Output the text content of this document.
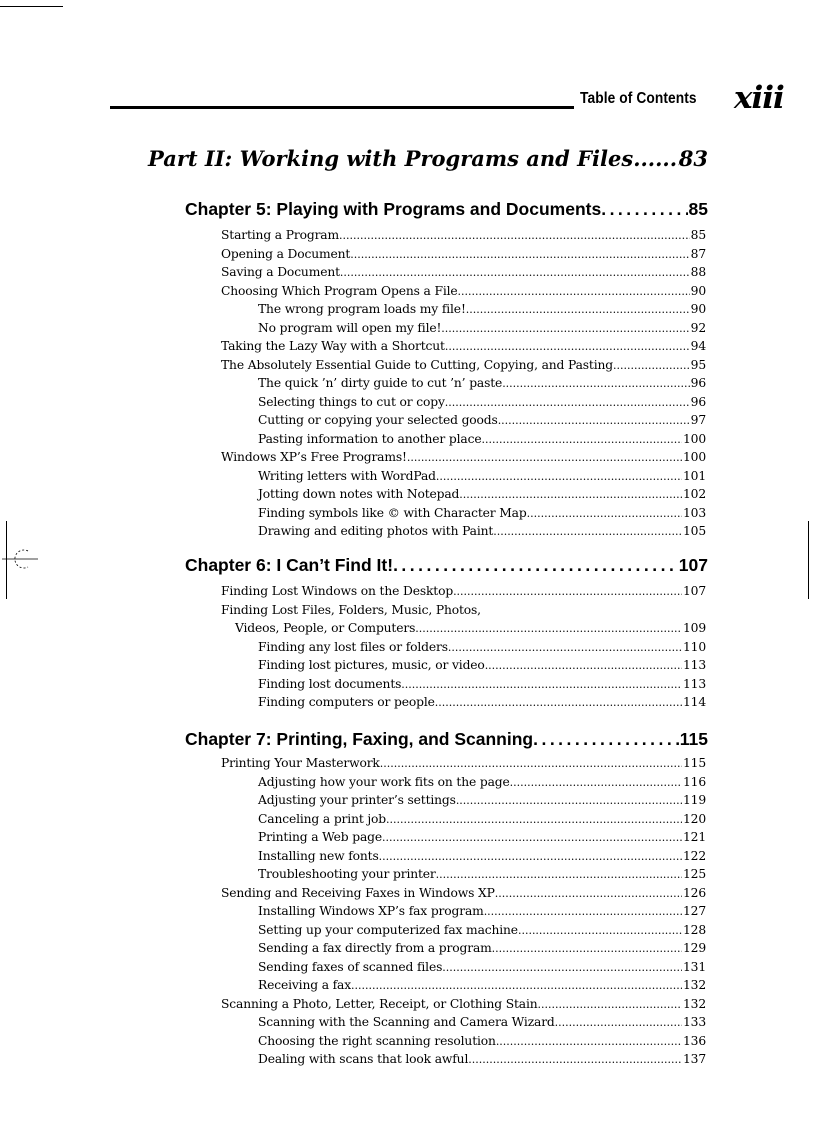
Table of Contents xiii
Part II: Working with Programs and Files ..... 83
Chapter 5: Playing with Programs and Documents .....	85
Starting a Program .....	85
Opening a Document .....	87
Saving a Document .....	88
Choosing Which Program Opens a File .....	90
The wrong program loads my file! .....	90
No program will open my file! .....	92
Taking the Lazy Way with a Shortcut .....	94
The Absolutely Essential Guide to Cutting, Copying, and Pasting .....	95
The quick ’n’ dirty guide to cut ’n’ paste .....	96
Selecting things to cut or copy .....	96
Cutting or copying your selected goods .....	97
Pasting information to another place .....	100
Windows XP’s Free Programs! .....	100
Writing letters with WordPad .....	101
Jotting down notes with Notepad .....	102
Finding symbols like © with Character Map .....	103
Drawing and editing photos with Paint .....	105
Chapter 6: I Can’t Find It! .....	107
Finding Lost Windows on the Desktop .....	107
Finding Lost Files, Folders, Music, Photos,
Videos, People, or Computers .....	109
Finding any lost files or folders .....	110
Finding lost pictures, music, or video .....	113
Finding lost documents .....	113
Finding computers or people .....	114
Chapter 7: Printing, Faxing, and Scanning .....	115
Printing Your Masterwork .....	115
Adjusting how your work fits on the page .....	116
Adjusting your printer’s settings .....	119
Canceling a print job .....	120
Printing a Web page .....	121
Installing new fonts .....	122
Troubleshooting your printer .....	125
Sending and Receiving Faxes in Windows XP .....	126
Installing Windows XP’s fax program .....	127
Setting up your computerized fax machine .....	128
Sending a fax directly from a program .....	129
Sending faxes of scanned files .....	131
Receiving a fax .....	132
Scanning a Photo, Letter, Receipt, or Clothing Stain .....	132
Scanning with the Scanning and Camera Wizard .....	133
Choosing the right scanning resolution .....	136
Dealing with scans that look awful .....	137
